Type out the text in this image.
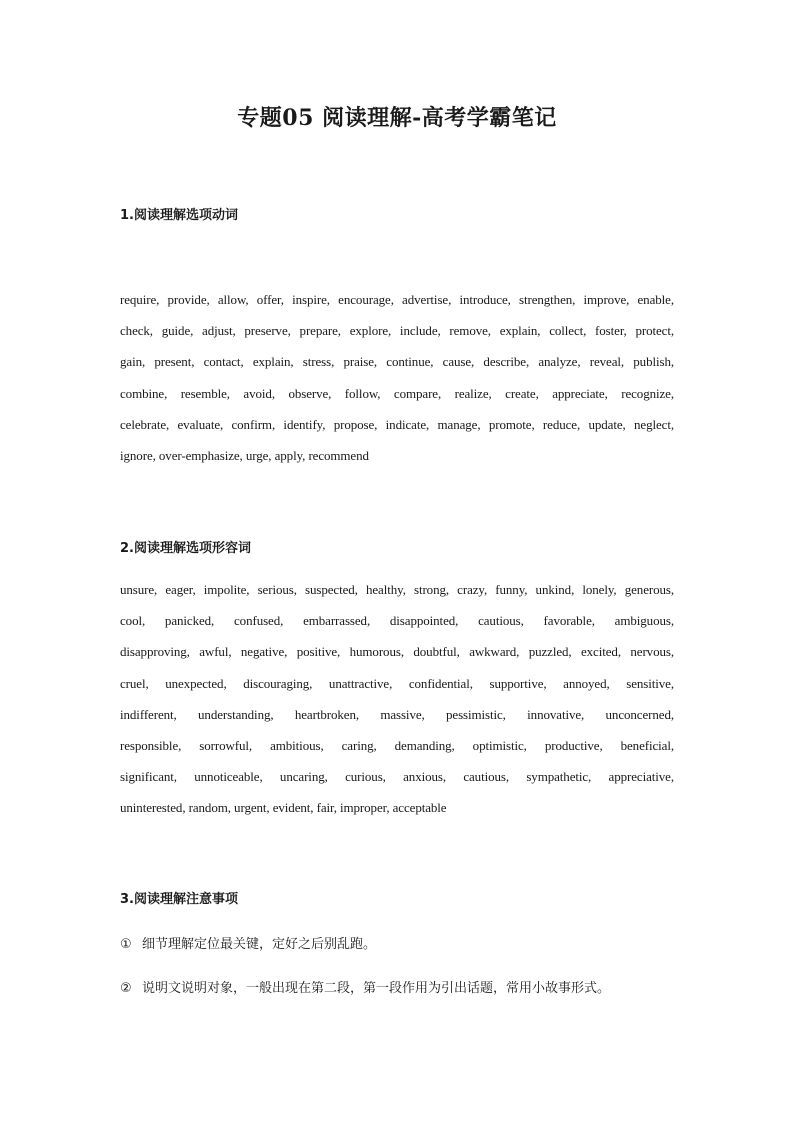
专题05 阅读理解-高考学霸笔记
1.阅读理解选项动词
require, provide, allow, offer, inspire, encourage, advertise, introduce, strengthen, improve, enable,
check, guide, adjust, preserve, prepare, explore, include, remove, explain, collect, foster, protect,
gain, present, contact, explain, stress, praise, continue, cause, describe, analyze, reveal, publish,
combine, resemble, avoid, observe, follow, compare, realize, create, appreciate, recognize,
celebrate, evaluate, confirm, identify, propose, indicate, manage, promote, reduce, update, neglect,
ignore, over-emphasize, urge, apply, recommend
2.阅读理解选项形容词
unsure, eager, impolite, serious, suspected, healthy, strong, crazy, funny, unkind, lonely, generous,
cool, panicked, confused, embarrassed, disappointed, cautious, favorable, ambiguous,
disapproving, awful, negative, positive, humorous, doubtful, awkward, puzzled, excited, nervous,
cruel, unexpected, discouraging, unattractive, confidential, supportive, annoyed, sensitive,
indifferent, understanding, heartbroken, massive, pessimistic, innovative, unconcerned,
responsible, sorrowful, ambitious, caring, demanding, optimistic, productive, beneficial,
significant, unnoticeable, uncaring, curious, anxious, cautious, sympathetic, appreciative,
uninterested, random, urgent, evident, fair, improper, acceptable
3.阅读理解注意事项
① 细节理解定位最关键，定好之后别乱跑。
② 说明文说明对象，一般出现在第二段，第一段作用为引出话题，常用小故事形式。
